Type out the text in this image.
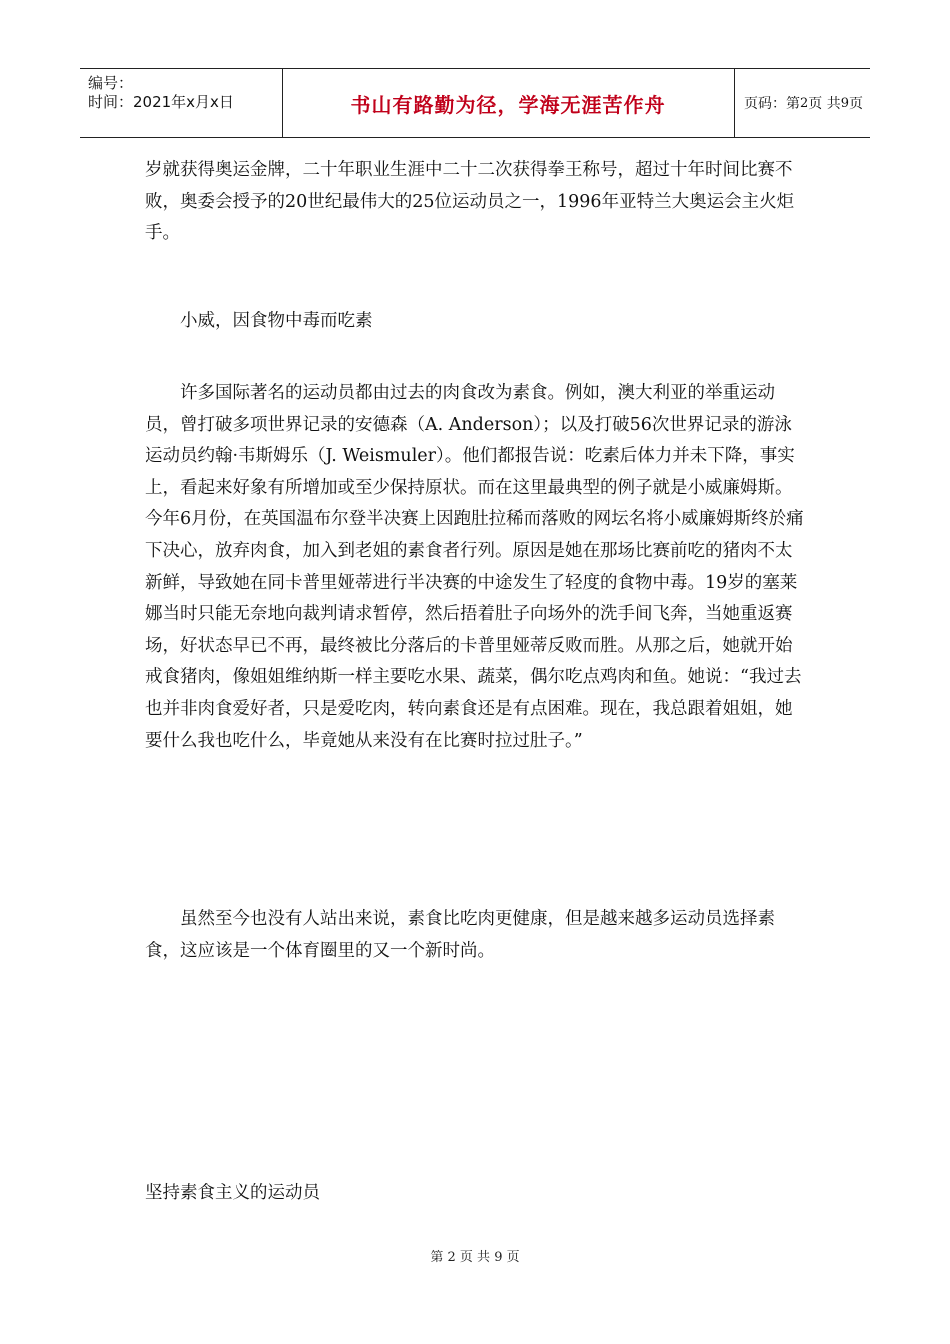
编号：
时间：2021年x月x日	书山有路勤为径，学海无涯苦作舟	页码：第 2 页 共 9 页

岁就获得奥运金牌，二十年职业生涯中二十二次获得拳王称号，超过十年时间比赛不败，奥委会授予的20世纪最伟大的25位运动员之一，1996年亚特兰大奥运会主火炬手。

小威，因食物中毒而吃素

许多国际著名的运动员都由过去的肉食改为素食。例如，澳大利亚的举重运动员，曾打破多项世界记录的安德森（A. Anderson）；以及打破56次世界记录的游泳运动员约翰·韦斯姆乐（J. Weismuler）。他们都报告说：吃素后体力并未下降，事实上，看起来好象有所增加或至少保持原状。而在这里最典型的例子就是小威廉姆斯。今年6月份，在英国温布尔登半决赛上因跑肚拉稀而落败的网坛名将小威廉姆斯终於痛下决心，放弃肉食，加入到老姐的素食者行列。原因是她在那场比赛前吃的猪肉不太新鲜，导致她在同卡普里娅蒂进行半决赛的中途发生了轻度的食物中毒。19岁的塞莱娜当时只能无奈地向裁判请求暂停，然后捂着肚子向场外的洗手间飞奔，当她重返赛场，好状态早已不再，最终被比分落后的卡普里娅蒂反败而胜。从那之后，她就开始戒食猪肉，像姐姐维纳斯一样主要吃水果、蔬菜，偶尔吃点鸡肉和鱼。她说：“我过去也并非肉食爱好者，只是爱吃肉，转向素食还是有点困难。现在，我总跟着姐姐，她要什么我也吃什么，毕竟她从来没有在比赛时拉过肚子。”

虽然至今也没有人站出来说，素食比吃肉更健康，但是越来越多运动员选择素食，这应该是一个体育圈里的又一个新时尚。

坚持素食主义的运动员

第 2 页 共 9 页
